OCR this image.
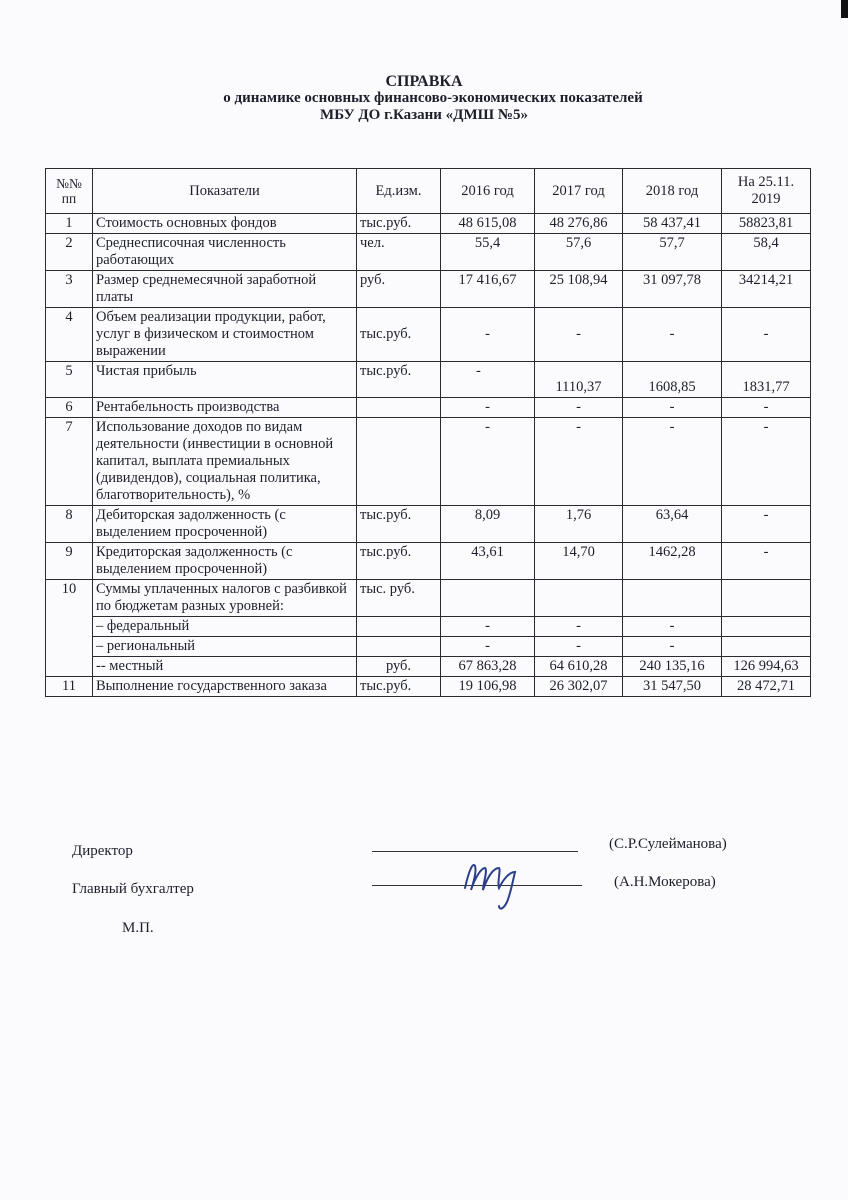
СПРАВКА
о динамике основных финансово-экономических показателей
МБУ ДО г.Казани «ДМШ №5»
№№ пп	Показатели	Ед.изм.	2016 год	2017 год	2018 год	На 25.11. 2019
1	Стоимость основных фондов	тыс.руб.	48 615,08	48 276,86	58 437,41	58823,81
2	Среднесписочная численность работающих	чел.	55,4	57,6	57,7	58,4
3	Размер среднемесячной заработной платы	руб.	17 416,67	25 108,94	31 097,78	34214,21
4	Объем реализации продукции, работ, услуг в физическом и стоимостном выражении	тыс.руб.	-	-	-	-
5	Чистая прибыль	тыс.руб.	-	1110,37	1608,85	1831,77
6	Рентабельность производства		-	-	-	-
7	Использование доходов по видам деятельности (инвестиции в основной капитал, выплата премиальных (дивидендов), социальная политика, благотворительность), %		-	-	-	-
8	Дебиторская задолженность (с выделением просроченной)	тыс.руб.	8,09	1,76	63,64	-
9	Кредиторская задолженность (с выделением просроченной)	тыс.руб.	43,61	14,70	1462,28	-
10	Суммы уплаченных налогов с разбивкой по бюджетам разных уровней:	тыс. руб.				
	– федеральный		-	-	-	
	– региональный		-	-	-	
	-- местный	руб.	67 863,28	64 610,28	240 135,16	126 994,63
11	Выполнение государственного заказа	тыс.руб.	19 106,98	26 302,07	31 547,50	28 472,71
Директор	(С.Р.Сулейманова)
Главный бухгалтер	(А.Н.Мокерова)
М.П.
